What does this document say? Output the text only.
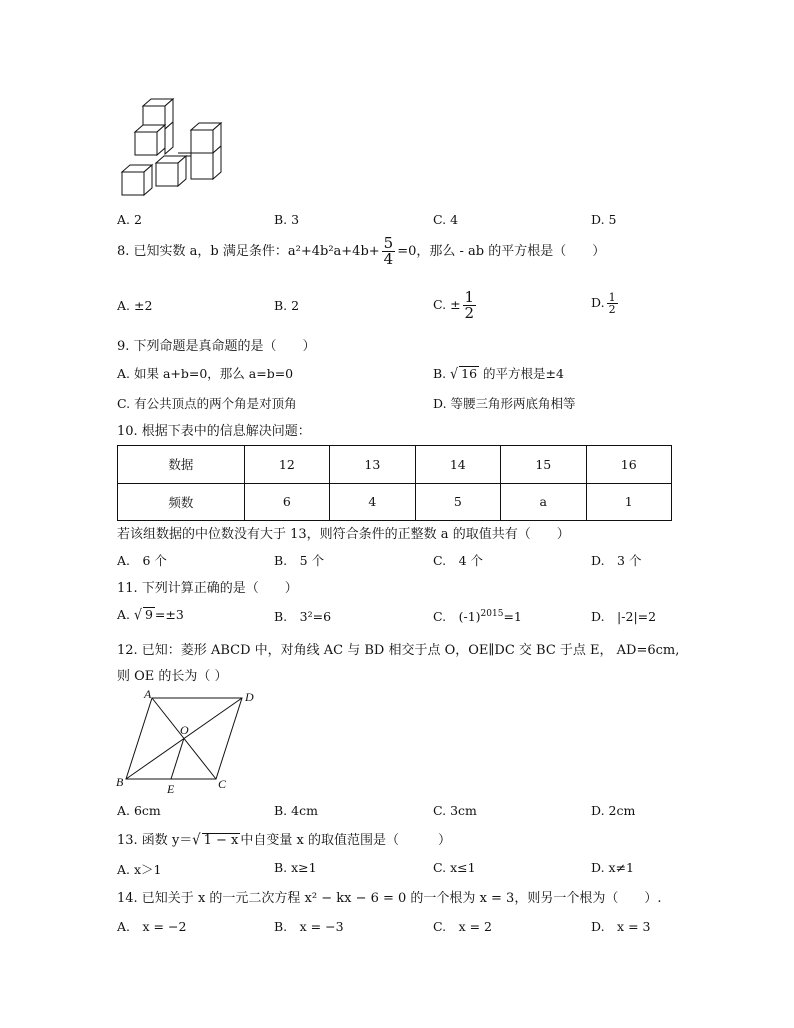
A. 2	B. 3	C. 4	D. 5
8. 已知实数 a，b 满足条件：$a^2+4b^2a+4b+ \frac{5}{4} =0$，那么 - ab 的平方根是（　　）
A. ±2	B. 2	C. ± $\frac{1}{2}$	D. $\frac{1}{2}$
9. 下列命题是真命题的是（　　）
A. 如果 a+b=0，那么 a=b=0	B. √ 16 的平方根是±4
C. 有公共顶点的两个角是对顶角	D. 等腰三角形两底角相等
10. 根据下表中的信息解决问题：
数据	12	13	14	15	16
频数	6	4	5	a	1
若该组数据的中位数没有大于 13，则符合条件的正整数 a 的取值共有（　　）
A.　6 个	B.　5 个	C.　4 个	D.　3 个
11. 下列计算正确的是（　　）
A. √ 9 =±3	B.　3²=6	C.　$(-1)^{2015}=1$	D.　|-2|=2
12. 已知：菱形 ABCD 中，对角线 AC 与 BD 相交于点 O，OE∥DC 交 BC 于点 E， AD=6cm,
则 OE 的长为（ ）
A	D
O
B	E	C
A. 6cm	B. 4cm	C. 3cm	D. 2cm
13. 函数 y＝√ 1 − x 中自变量 x 的取值范围是（　　　）
A. x＞1	B. x≥1	C. x≤1	D. x≠1
14. 已知关于 x 的一元二次方程 x² − kx − 6 = 0 的一个根为 x = 3，则另一个根为（　　）.
A.　x = −2	B.　x = −3	C.　x = 2	D.　x = 3
